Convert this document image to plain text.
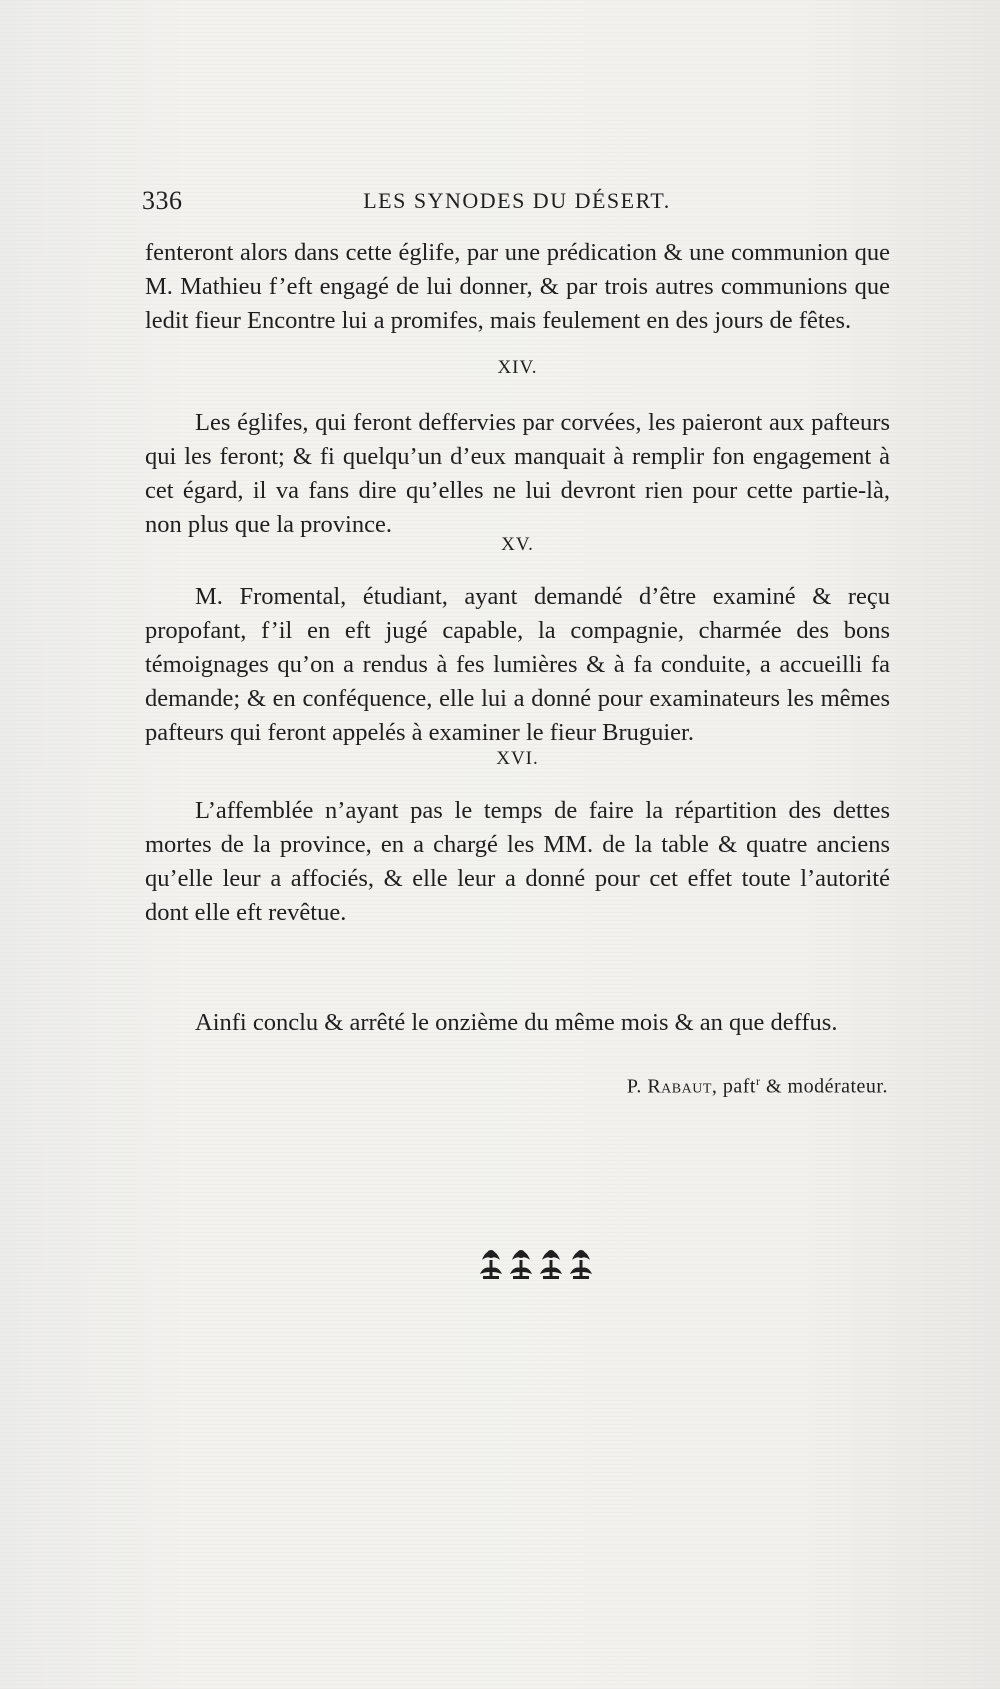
336	LES SYNODES DU DÉSERT.

fenteront alors dans cette églife, par une prédication & une communion que M. Mathieu f’eft engagé de lui donner, & par trois autres communions que ledit fieur Encontre lui a promifes, mais feulement en des jours de fêtes.

XIV.

Les églifes, qui feront deffervies par corvées, les paieront aux pafteurs qui les feront; & fi quelqu’un d’eux manquait à remplir fon engagement à cet égard, il va fans dire qu’elles ne lui devront rien pour cette partie-là, non plus que la province.

XV.

M. Fromental, étudiant, ayant demandé d’être examiné & reçu propofant, f’il en eft jugé capable, la compagnie, charmée des bons témoignages qu’on a rendus à fes lumières & à fa conduite, a accueilli fa demande; & en conféquence, elle lui a donné pour examinateurs les mêmes pafteurs qui feront appelés à examiner le fieur Bruguier.

XVI.

L’affemblée n’ayant pas le temps de faire la répartition des dettes mortes de la province, en a chargé les MM. de la table & quatre anciens qu’elle leur a affociés, & elle leur a donné pour cet effet toute l’autorité dont elle eft revêtue.

Ainfi conclu & arrêté le onzième du même mois & an que deffus.

P. Rabaut, paft$^r$ & modérateur.
